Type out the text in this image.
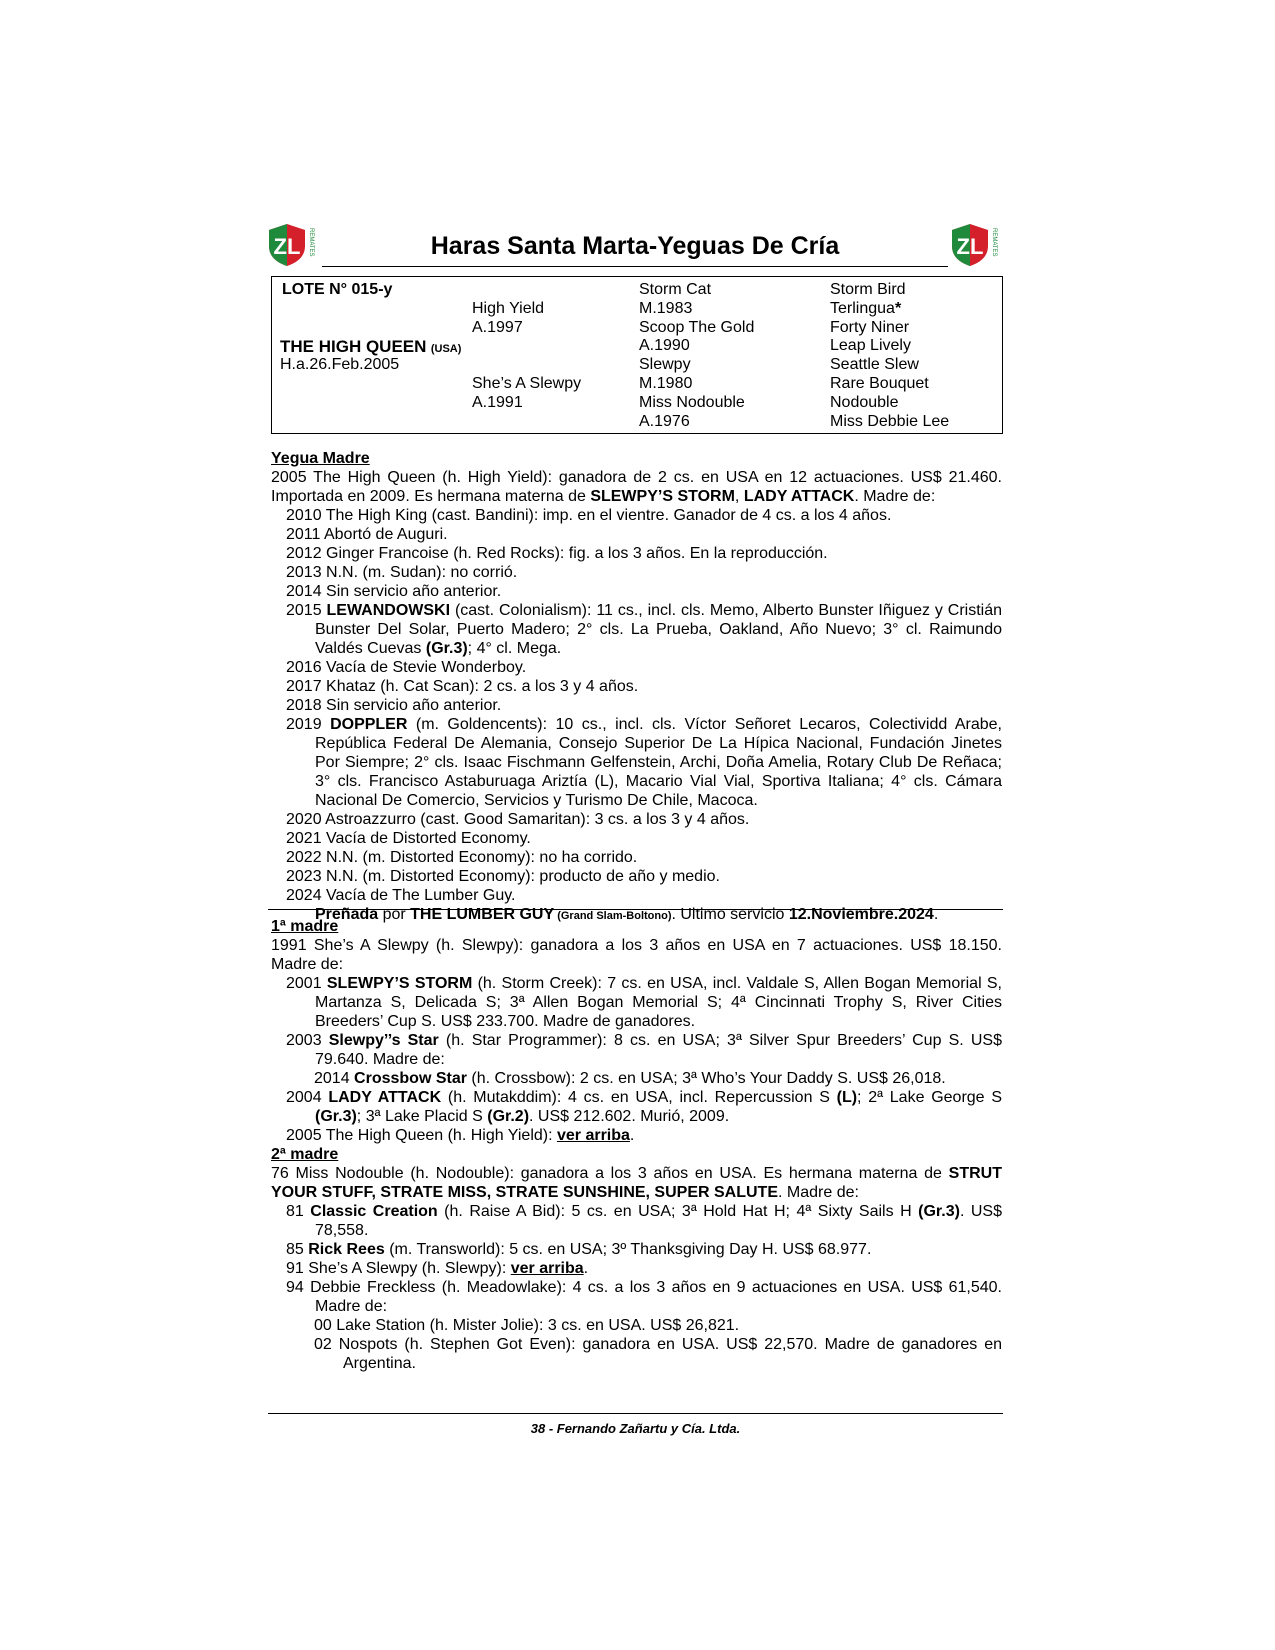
ZL REMATES	ZL REMATES
Haras Santa Marta-Yeguas De Cría
LOTE N° 015-y
THE HIGH QUEEN (USA)
H.a.26.Feb.2005
High Yield
A.1997
She’s A Slewpy
A.1991
Storm Cat
M.1983
Scoop The Gold
A.1990
Slewpy
M.1980
Miss Nodouble
A.1976
Storm Bird
Terlingua*
Forty Niner
Leap Lively
Seattle Slew
Rare Bouquet
Nodouble
Miss Debbie Lee

Yegua Madre

2005 The High Queen (h. High Yield): ganadora de 2 cs. en USA en 12 actuaciones. US$ 21.460. Importada en 2009. Es hermana materna de SLEWPY’S STORM, LADY ATTACK. Madre de:

2010 The High King (cast. Bandini): imp. en el vientre. Ganador de 4 cs. a los 4 años.

2011 Abortó de Auguri.

2012 Ginger Francoise (h. Red Rocks): fig. a los 3 años. En la reproducción.

2013 N.N. (m. Sudan): no corrió.

2014 Sin servicio año anterior.

2015 LEWANDOWSKI (cast. Colonialism): 11 cs., incl. cls. Memo, Alberto Bunster Iñiguez y Cristián Bunster Del Solar, Puerto Madero; 2° cls. La Prueba, Oakland, Año Nuevo; 3° cl. Raimundo Valdés Cuevas (Gr.3); 4° cl. Mega.

2016 Vacía de Stevie Wonderboy.

2017 Khataz (h. Cat Scan): 2 cs. a los 3 y 4 años.

2018 Sin servicio año anterior.

2019 DOPPLER (m. Goldencents): 10 cs., incl. cls. Víctor Señoret Lecaros, Colectividd Arabe, República Federal De Alemania, Consejo Superior De La Hípica Nacional, Fundación Jinetes Por Siempre; 2° cls. Isaac Fischmann Gelfenstein, Archi, Doña Amelia, Rotary Club De Reñaca; 3° cls. Francisco Astaburuaga Ariztía (L), Macario Vial Vial, Sportiva Italiana; 4° cls. Cámara Nacional De Comercio, Servicios y Turismo De Chile, Macoca.

2020 Astroazzurro (cast. Good Samaritan): 3 cs. a los 3 y 4 años.

2021 Vacía de Distorted Economy.

2022 N.N. (m. Distorted Economy): no ha corrido.

2023 N.N. (m. Distorted Economy): producto de año y medio.

2024 Vacía de The Lumber Guy.

Preñada por THE LUMBER GUY (Grand Slam-Boltono). Ultimo servicio 12.Noviembre.2024.

1ª madre

1991 She’s A Slewpy (h. Slewpy): ganadora a los 3 años en USA en 7 actuaciones. US$ 18.150. Madre de:

2001 SLEWPY’S STORM (h. Storm Creek): 7 cs. en USA, incl. Valdale S, Allen Bogan Memorial S, Martanza S, Delicada S; 3ª Allen Bogan Memorial S; 4ª Cincinnati Trophy S, River Cities Breeders’ Cup S. US$ 233.700. Madre de ganadores.

2003 Slewpy’’s Star (h. Star Programmer): 8 cs. en USA; 3ª Silver Spur Breeders’ Cup S. US$ 79.640. Madre de:

2014 Crossbow Star (h. Crossbow): 2 cs. en USA; 3ª Who’s Your Daddy S. US$ 26,018.

2004 LADY ATTACK (h. Mutakddim): 4 cs. en USA, incl. Repercussion S (L); 2ª Lake George S (Gr.3); 3ª Lake Placid S (Gr.2). US$ 212.602. Murió, 2009.

2005 The High Queen (h. High Yield): ver arriba.

2ª madre

76 Miss Nodouble (h. Nodouble): ganadora a los 3 años en USA. Es hermana materna de STRUT YOUR STUFF, STRATE MISS, STRATE SUNSHINE, SUPER SALUTE. Madre de:

81 Classic Creation (h. Raise A Bid): 5 cs. en USA; 3ª Hold Hat H; 4ª Sixty Sails H (Gr.3). US$ 78,558.

85 Rick Rees (m. Transworld): 5 cs. en USA; 3º Thanksgiving Day H. US$ 68.977.

91 She’s A Slewpy (h. Slewpy): ver arriba.

94 Debbie Freckless (h. Meadowlake): 4 cs. a los 3 años en 9 actuaciones en USA. US$ 61,540. Madre de:

00 Lake Station (h. Mister Jolie): 3 cs. en USA. US$ 26,821.

02 Nospots (h. Stephen Got Even): ganadora en USA. US$ 22,570. Madre de ganadores en Argentina.

38 - Fernando Zañartu y Cía. Ltda.
